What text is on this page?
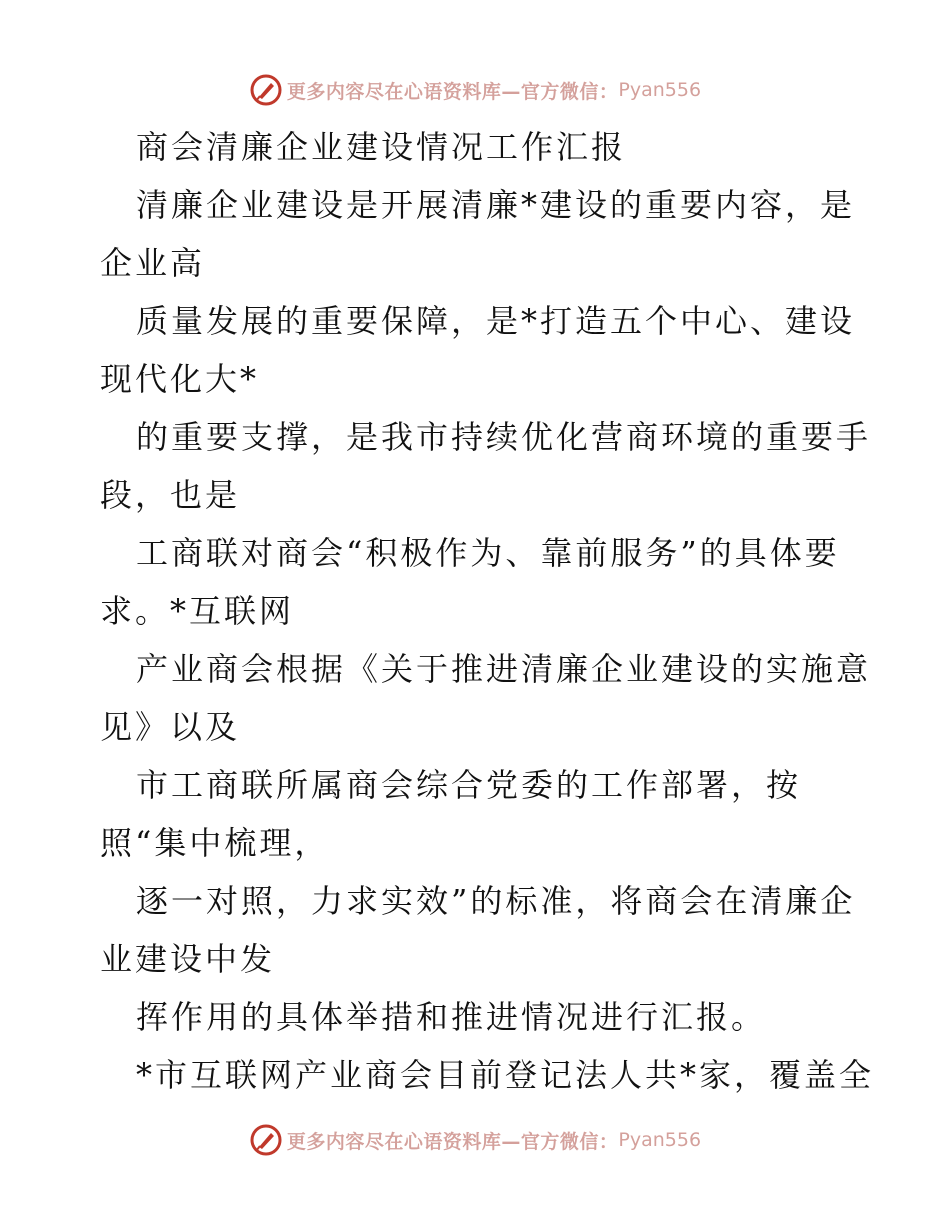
更多内容尽在心语资料库—官方微信： Pyan556
商会清廉企业建设情况工作汇报
清廉企业建设是开展清廉*建设的重要内容，是
企业高
质量发展的重要保障，是*打造五个中心、建设
现代化大*
的重要支撑，是我市持续优化营商环境的重要手
段，也是
工商联对商会“积极作为、靠前服务”的具体要
求。*互联网
产业商会根据《关于推进清廉企业建设的实施意
见》以及
市工商联所属商会综合党委的工作部署，按
照“集中梳理，
逐一对照，力求实效”的标准，将商会在清廉企
业建设中发
挥作用的具体举措和推进情况进行汇报。
*市互联网产业商会目前登记法人共*家，覆盖全
更多内容尽在心语资料库—官方微信： Pyan556
